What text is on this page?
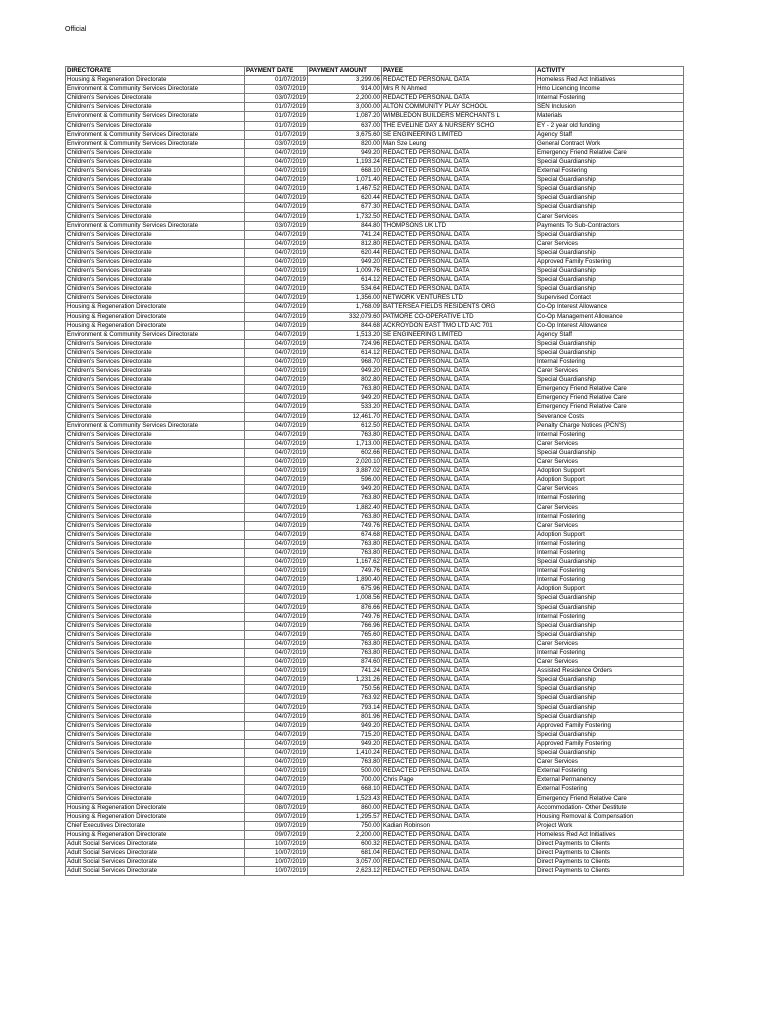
Official
DIRECTORATE	PAYMENT DATE	PAYMENT AMOUNT	PAYEE	ACTIVITY
Housing & Regeneration Directorate	01/07/2019	3,299.06	REDACTED PERSONAL DATA	Homeless Red Act Initiatives
Environment & Community Services Directorate	03/07/2019	914.00	Mrs R N Ahmed	Hmo Licencing Income
Children's Services Directorate	03/07/2019	2,200.00	REDACTED PERSONAL DATA	Internal Fostering
Children's Services Directorate	01/07/2019	3,000.00	ALTON COMMUNITY PLAY SCHOOL	SEN Inclusion
Environment & Community Services Directorate	01/07/2019	1,087.20	WIMBLEDON BUILDERS MERCHANTS L	Materials
Children's Services Directorate	01/07/2019	637.00	THE EVELINE DAY & NURSERY SCHO	EY - 2 year old funding
Environment & Community Services Directorate	01/07/2019	3,675.60	SE ENGINEERING LIMITED	Agency Staff
Environment & Community Services Directorate	03/07/2019	820.00	Man Sze Leung	General Contract Work
Children's Services Directorate	04/07/2019	949.20	REDACTED PERSONAL DATA	Emergency Friend Relative Care
Children's Services Directorate	04/07/2019	1,193.24	REDACTED PERSONAL DATA	Special Guardianship
Children's Services Directorate	04/07/2019	668.10	REDACTED PERSONAL DATA	External Fostering
Children's Services Directorate	04/07/2019	1,071.40	REDACTED PERSONAL DATA	Special Guardianship
Children's Services Directorate	04/07/2019	1,467.52	REDACTED PERSONAL DATA	Special Guardianship
Children's Services Directorate	04/07/2019	620.44	REDACTED PERSONAL DATA	Special Guardianship
Children's Services Directorate	04/07/2019	677.30	REDACTED PERSONAL DATA	Special Guardianship
Children's Services Directorate	04/07/2019	1,732.50	REDACTED PERSONAL DATA	Carer Services
Environment & Community Services Directorate	03/07/2019	844.80	THOMPSONS UK LTD	Payments To Sub-Contractors
Children's Services Directorate	04/07/2019	741.24	REDACTED PERSONAL DATA	Special Guardianship
Children's Services Directorate	04/07/2019	812.80	REDACTED PERSONAL DATA	Carer Services
Children's Services Directorate	04/07/2019	620.44	REDACTED PERSONAL DATA	Special Guardianship
Children's Services Directorate	04/07/2019	949.20	REDACTED PERSONAL DATA	Approved Family Fostering
Children's Services Directorate	04/07/2019	1,009.76	REDACTED PERSONAL DATA	Special Guardianship
Children's Services Directorate	04/07/2019	614.12	REDACTED PERSONAL DATA	Special Guardianship
Children's Services Directorate	04/07/2019	534.64	REDACTED PERSONAL DATA	Special Guardianship
Children's Services Directorate	04/07/2019	1,356.00	NETWORK VENTURES LTD	Supervised Contact
Housing & Regeneration Directorate	04/07/2019	1,768.09	BATTERSEA FIELDS RESIDENTS ORG	Co-Op Interest Allowance
Housing & Regeneration Directorate	04/07/2019	332,079.60	PATMORE CO-OPERATIVE LTD	Co-Op Management Allowance
Housing & Regeneration Directorate	04/07/2019	844.68	ACKROYDON EAST TMO LTD A/C 701	Co-Op Interest Allowance
Environment & Community Services Directorate	04/07/2019	1,513.20	SE ENGINEERING LIMITED	Agency Staff
Children's Services Directorate	04/07/2019	724.96	REDACTED PERSONAL DATA	Special Guardianship
Children's Services Directorate	04/07/2019	614.12	REDACTED PERSONAL DATA	Special Guardianship
Children's Services Directorate	04/07/2019	968.70	REDACTED PERSONAL DATA	Internal Fostering
Children's Services Directorate	04/07/2019	949.20	REDACTED PERSONAL DATA	Carer Services
Children's Services Directorate	04/07/2019	802.80	REDACTED PERSONAL DATA	Special Guardianship
Children's Services Directorate	04/07/2019	763.80	REDACTED PERSONAL DATA	Emergency Friend Relative Care
Children's Services Directorate	04/07/2019	949.20	REDACTED PERSONAL DATA	Emergency Friend Relative Care
Children's Services Directorate	04/07/2019	533.20	REDACTED PERSONAL DATA	Emergency Friend Relative Care
Children's Services Directorate	04/07/2019	12,461.70	REDACTED PERSONAL DATA	Severance Costs
Environment & Community Services Directorate	04/07/2019	612.50	REDACTED PERSONAL DATA	Penalty Charge Notices (PCN'S)
Children's Services Directorate	04/07/2019	763.80	REDACTED PERSONAL DATA	Internal Fostering
Children's Services Directorate	04/07/2019	1,713.00	REDACTED PERSONAL DATA	Carer Services
Children's Services Directorate	04/07/2019	602.66	REDACTED PERSONAL DATA	Special Guardianship
Children's Services Directorate	04/07/2019	2,020.10	REDACTED PERSONAL DATA	Carer Services
Children's Services Directorate	04/07/2019	3,887.02	REDACTED PERSONAL DATA	Adoption Support
Children's Services Directorate	04/07/2019	596.00	REDACTED PERSONAL DATA	Adoption Support
Children's Services Directorate	04/07/2019	949.20	REDACTED PERSONAL DATA	Carer Services
Children's Services Directorate	04/07/2019	763.80	REDACTED PERSONAL DATA	Internal Fostering
Children's Services Directorate	04/07/2019	1,882.40	REDACTED PERSONAL DATA	Carer Services
Children's Services Directorate	04/07/2019	763.80	REDACTED PERSONAL DATA	Internal Fostering
Children's Services Directorate	04/07/2019	749.76	REDACTED PERSONAL DATA	Carer Services
Children's Services Directorate	04/07/2019	674.68	REDACTED PERSONAL DATA	Adoption Support
Children's Services Directorate	04/07/2019	763.80	REDACTED PERSONAL DATA	Internal Fostering
Children's Services Directorate	04/07/2019	763.80	REDACTED PERSONAL DATA	Internal Fostering
Children's Services Directorate	04/07/2019	1,167.62	REDACTED PERSONAL DATA	Special Guardianship
Children's Services Directorate	04/07/2019	749.76	REDACTED PERSONAL DATA	Internal Fostering
Children's Services Directorate	04/07/2019	1,890.40	REDACTED PERSONAL DATA	Internal Fostering
Children's Services Directorate	04/07/2019	675.96	REDACTED PERSONAL DATA	Adoption Support
Children's Services Directorate	04/07/2019	1,008.56	REDACTED PERSONAL DATA	Special Guardianship
Children's Services Directorate	04/07/2019	876.66	REDACTED PERSONAL DATA	Special Guardianship
Children's Services Directorate	04/07/2019	749.76	REDACTED PERSONAL DATA	Internal Fostering
Children's Services Directorate	04/07/2019	766.96	REDACTED PERSONAL DATA	Special Guardianship
Children's Services Directorate	04/07/2019	765.60	REDACTED PERSONAL DATA	Special Guardianship
Children's Services Directorate	04/07/2019	763.80	REDACTED PERSONAL DATA	Carer Services
Children's Services Directorate	04/07/2019	763.80	REDACTED PERSONAL DATA	Internal Fostering
Children's Services Directorate	04/07/2019	874.60	REDACTED PERSONAL DATA	Carer Services
Children's Services Directorate	04/07/2019	741.24	REDACTED PERSONAL DATA	Assisted Residence Orders
Children's Services Directorate	04/07/2019	1,231.26	REDACTED PERSONAL DATA	Special Guardianship
Children's Services Directorate	04/07/2019	750.56	REDACTED PERSONAL DATA	Special Guardianship
Children's Services Directorate	04/07/2019	763.92	REDACTED PERSONAL DATA	Special Guardianship
Children's Services Directorate	04/07/2019	793.14	REDACTED PERSONAL DATA	Special Guardianship
Children's Services Directorate	04/07/2019	801.96	REDACTED PERSONAL DATA	Special Guardianship
Children's Services Directorate	04/07/2019	949.20	REDACTED PERSONAL DATA	Approved Family Fostering
Children's Services Directorate	04/07/2019	715.20	REDACTED PERSONAL DATA	Special Guardianship
Children's Services Directorate	04/07/2019	949.20	REDACTED PERSONAL DATA	Approved Family Fostering
Children's Services Directorate	04/07/2019	1,410.24	REDACTED PERSONAL DATA	Special Guardianship
Children's Services Directorate	04/07/2019	763.80	REDACTED PERSONAL DATA	Carer Services
Children's Services Directorate	04/07/2019	500.00	REDACTED PERSONAL DATA	External Fostering
Children's Services Directorate	04/07/2019	700.00	Chris Page	External Permanency
Children's Services Directorate	04/07/2019	668.10	REDACTED PERSONAL DATA	External Fostering
Children's Services Directorate	04/07/2019	1,523.43	REDACTED PERSONAL DATA	Emergency Friend Relative Care
Housing & Regeneration Directorate	08/07/2019	860.00	REDACTED PERSONAL DATA	Accommodation- Other Destitute
Housing & Regeneration Directorate	09/07/2019	1,295.57	REDACTED PERSONAL DATA	Housing Removal & Compensation
Chief Executives Directorate	09/07/2019	750.00	Kadian Robinson	Project Work
Housing & Regeneration Directorate	09/07/2019	2,200.00	REDACTED PERSONAL DATA	Homeless Red Act Initiatives
Adult Social Services Directorate	10/07/2019	600.32	REDACTED PERSONAL DATA	Direct Payments to Clients
Adult Social Services Directorate	10/07/2019	681.04	REDACTED PERSONAL DATA	Direct Payments to Clients
Adult Social Services Directorate	10/07/2019	3,057.00	REDACTED PERSONAL DATA	Direct Payments to Clients
Adult Social Services Directorate	10/07/2019	2,623.12	REDACTED PERSONAL DATA	Direct Payments to Clients
